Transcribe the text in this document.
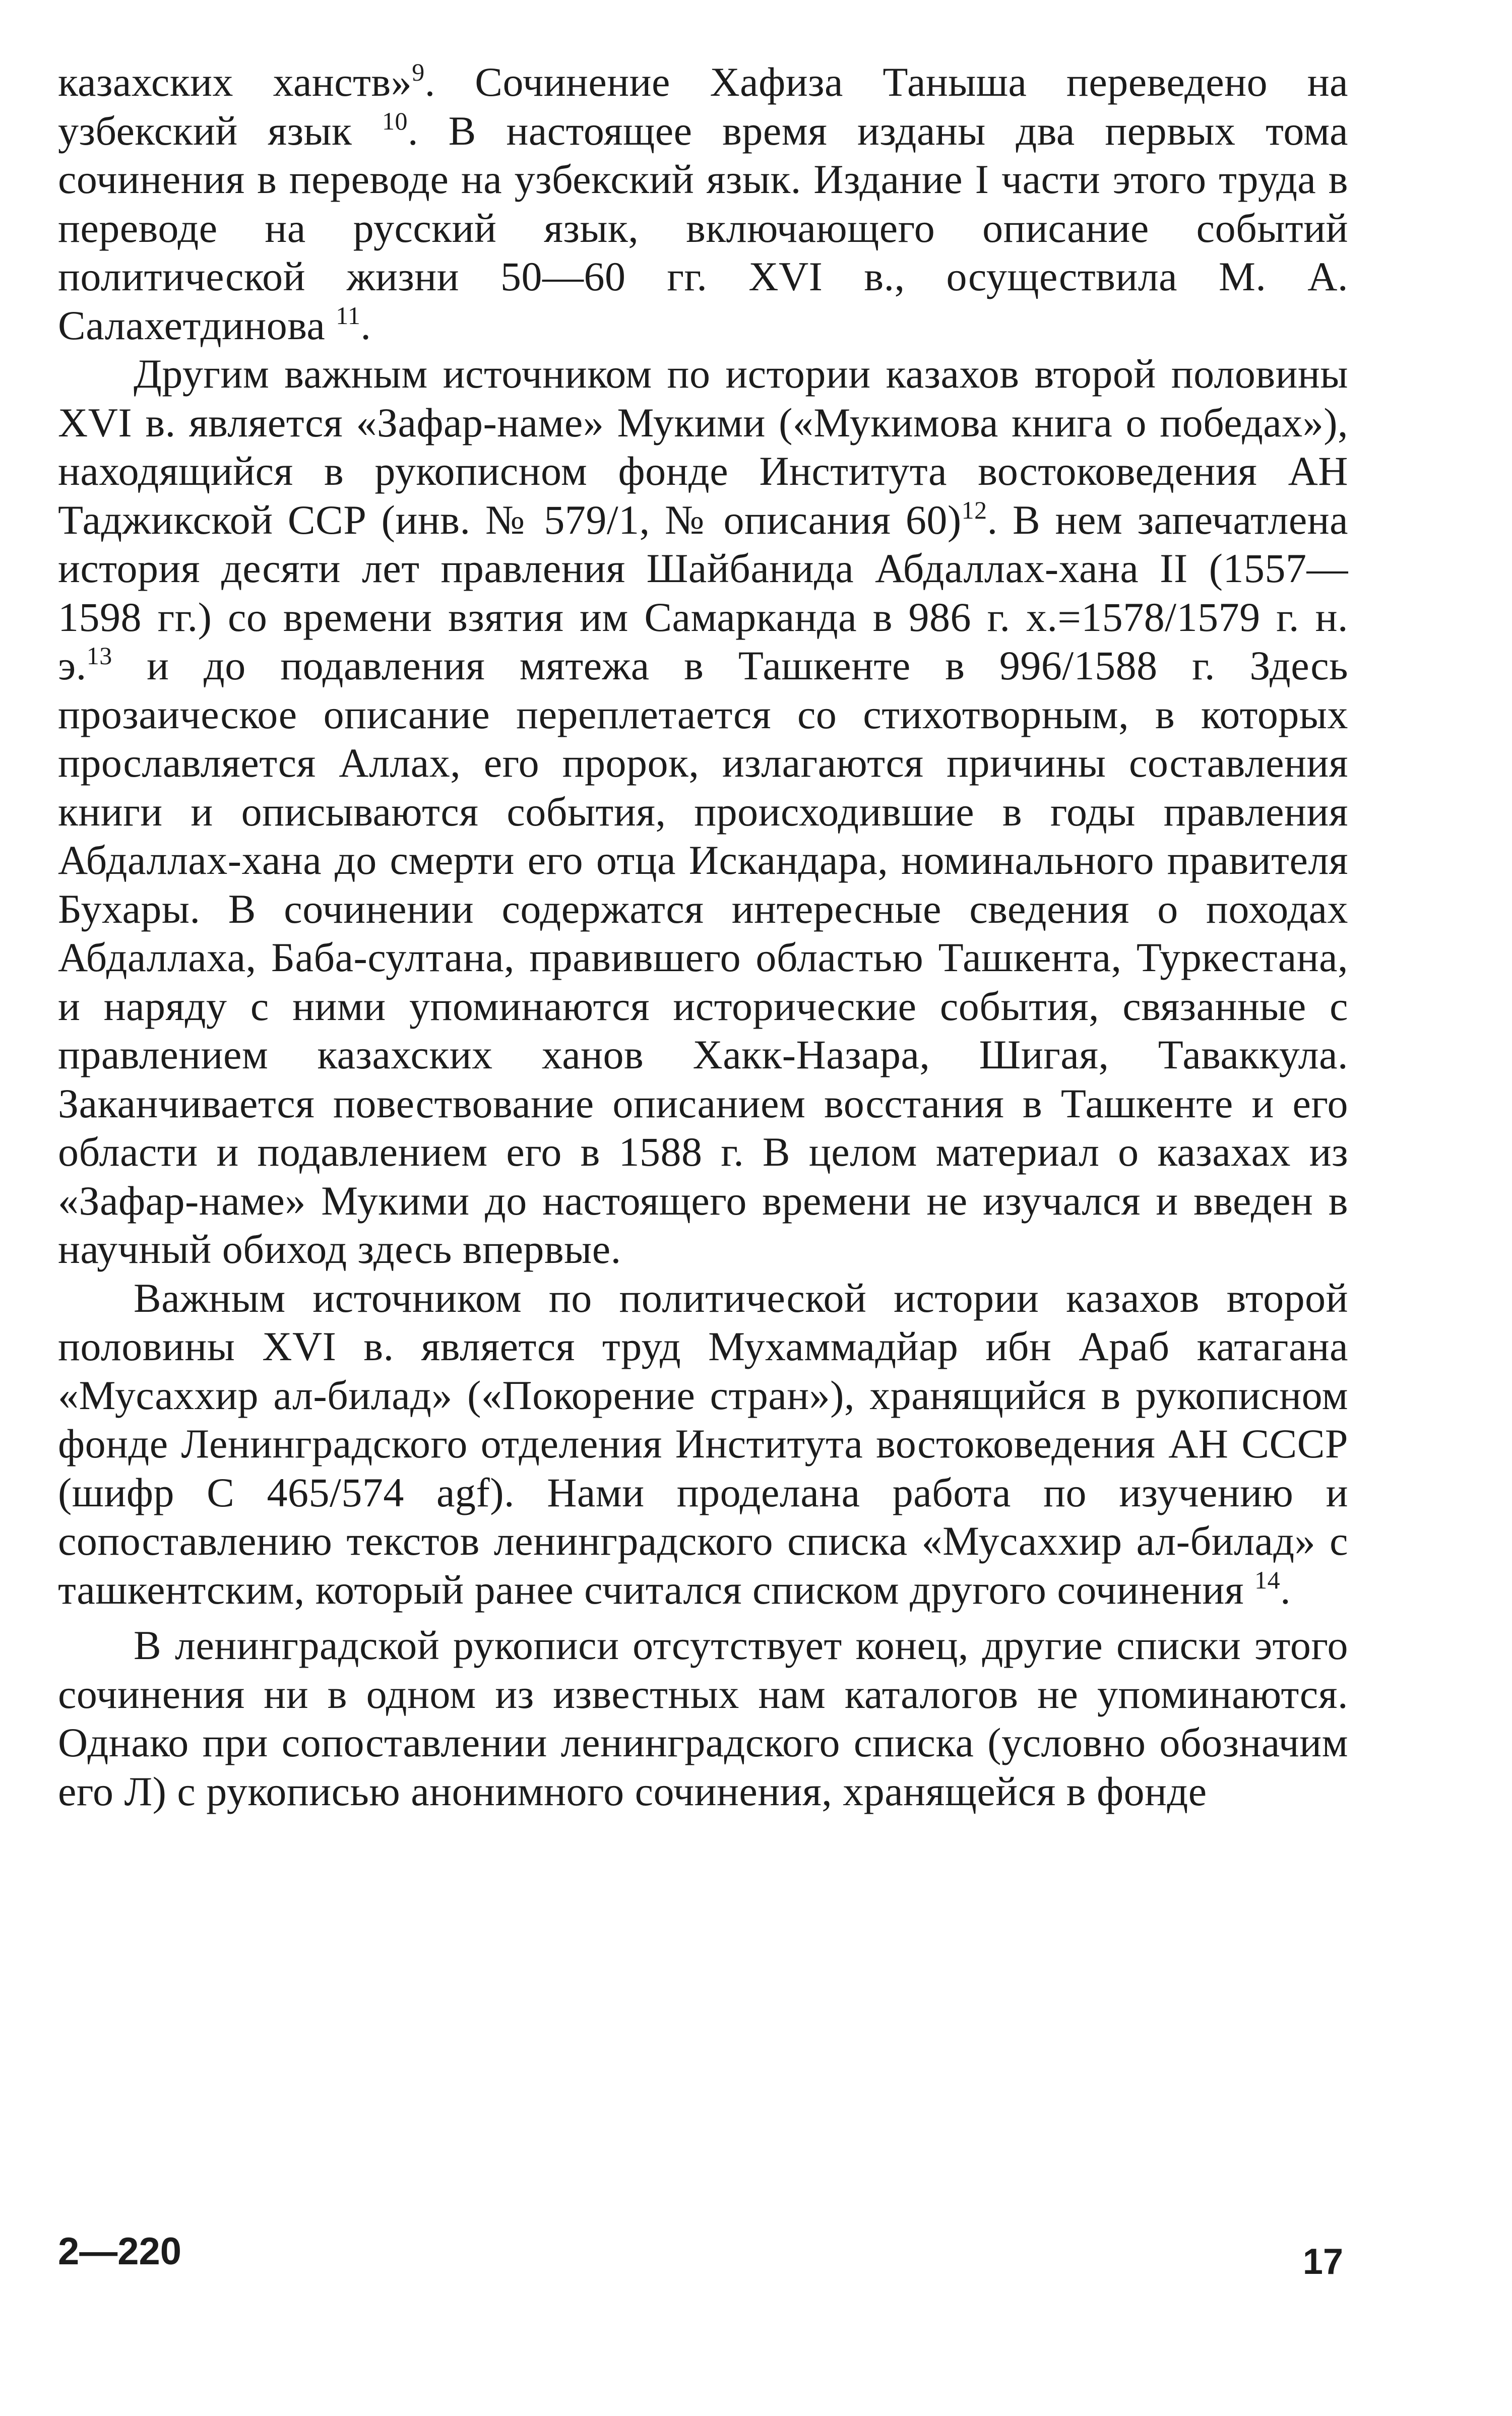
казахских ханств»$^9$. Сочинение Хафиза Таныша переведено на узбекский язык $^{10}$. В настоящее время изданы два первых тома сочинения в переводе на узбекский язык. Издание I части этого труда в переводе на русский язык, включающего описание событий политической жизни 50—60 гг. XVI в., осуществила М. А. Салахетдинова $^{11}$.

Другим важным источником по истории казахов второй половины XVI в. является «Зафар-наме» Мукими («Мукимова книга о победах»), находящийся в рукописном фонде Института востоковедения АН Таджикской ССР (инв. № 579/1, № описания 60)$^{12}$. В нем запечатлена история десяти лет правления Шайбанида Абдаллах-хана II (1557—1598 гг.) со времени взятия им Самарканда в 986 г. х.=1578/1579 г. н. э.$^{13}$ и до подавления мятежа в Ташкенте в 996/1588 г. Здесь прозаическое описание переплетается со стихотворным, в которых прославляется Аллах, его пророк, излагаются причины составления книги и описываются события, происходившие в годы правления Абдаллах-хана до смерти его отца Искандара, номинального правителя Бухары. В сочинении содержатся интересные сведения о походах Абдаллаха, Баба-султана, правившего областью Ташкента, Туркестана, и наряду с ними упоминаются исторические события, связанные с правлением казахских ханов Хакк-Назара, Шигая, Таваккула. Заканчивается повествование описанием восстания в Ташкенте и его области и подавлением его в 1588 г. В целом материал о казахах из «Зафар-наме» Мукими до настоящего времени не изучался и введен в научный обиход здесь впервые.

Важным источником по политической истории казахов второй половины XVI в. является труд Мухаммадйар ибн Араб катагана «Мусаххир ал-билад» («Покорение стран»), хранящийся в рукописном фонде Ленинградского отделения Института востоковедения АН СССР (шифр С 465/574 agf). Нами проделана работа по изучению и сопоставлению текстов ленинградского списка «Мусаххир ал-билад» с ташкентским, который ранее считался списком другого сочинения $^{14}$.

В ленинградской рукописи отсутствует конец, другие списки этого сочинения ни в одном из известных нам каталогов не упоминаются. Однако при сопоставлении ленинградского списка (условно обозначим его Л) с рукописью анонимного сочинения, хранящейся в фонде

2—220	17
